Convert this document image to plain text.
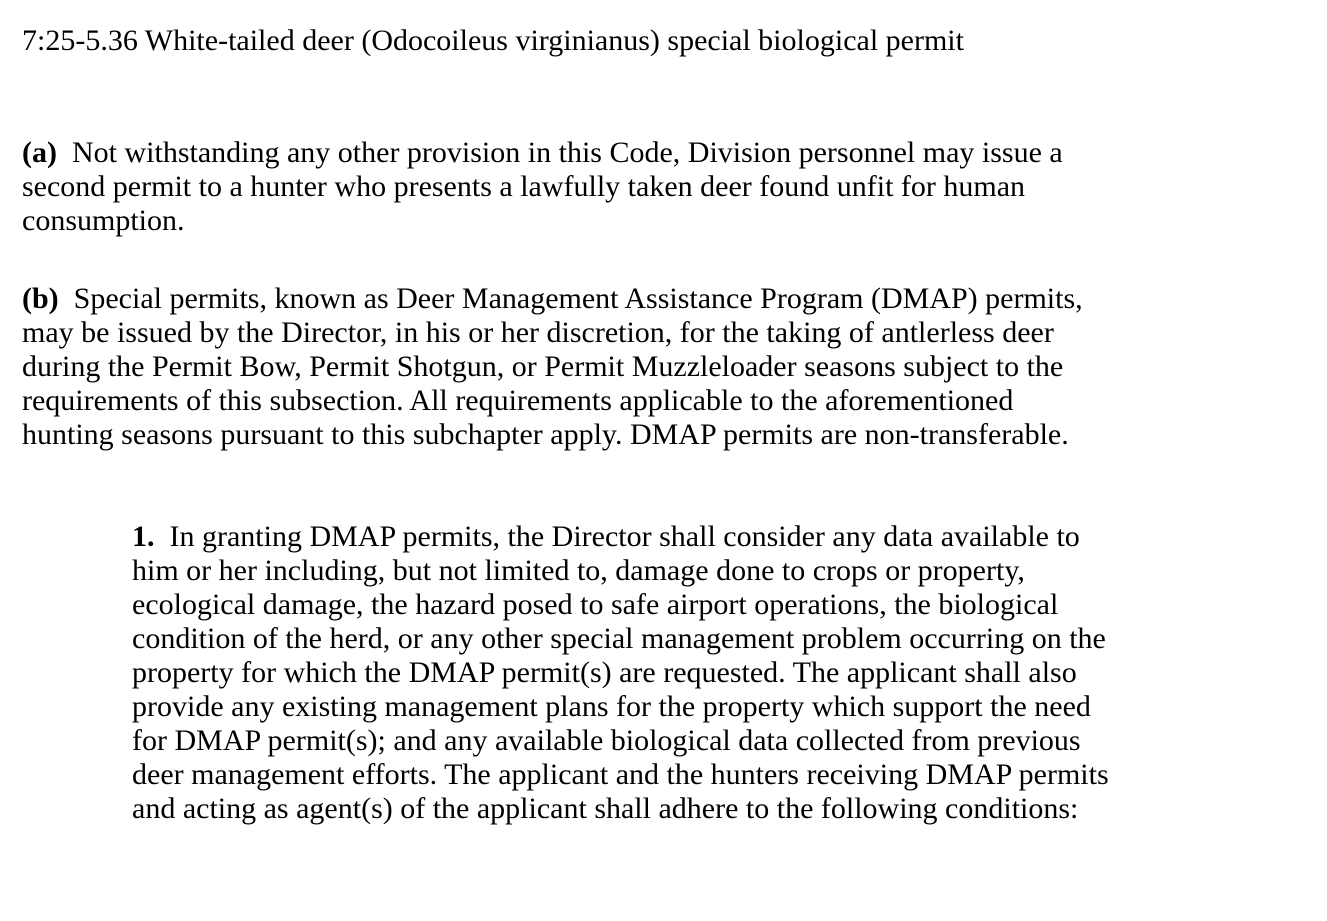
7:25-5.36 White-tailed deer (Odocoileus virginianus) special biological permit
(a) Not withstanding any other provision in this Code, Division personnel may issue a
second permit to a hunter who presents a lawfully taken deer found unfit for human
consumption.
(b) Special permits, known as Deer Management Assistance Program (DMAP) permits,
may be issued by the Director, in his or her discretion, for the taking of antlerless deer
during the Permit Bow, Permit Shotgun, or Permit Muzzleloader seasons subject to the
requirements of this subsection. All requirements applicable to the aforementioned
hunting seasons pursuant to this subchapter apply. DMAP permits are non-transferable.
1. In granting DMAP permits, the Director shall consider any data available to
him or her including, but not limited to, damage done to crops or property,
ecological damage, the hazard posed to safe airport operations, the biological
condition of the herd, or any other special management problem occurring on the
property for which the DMAP permit(s) are requested. The applicant shall also
provide any existing management plans for the property which support the need
for DMAP permit(s); and any available biological data collected from previous
deer management efforts. The applicant and the hunters receiving DMAP permits
and acting as agent(s) of the applicant shall adhere to the following conditions:
